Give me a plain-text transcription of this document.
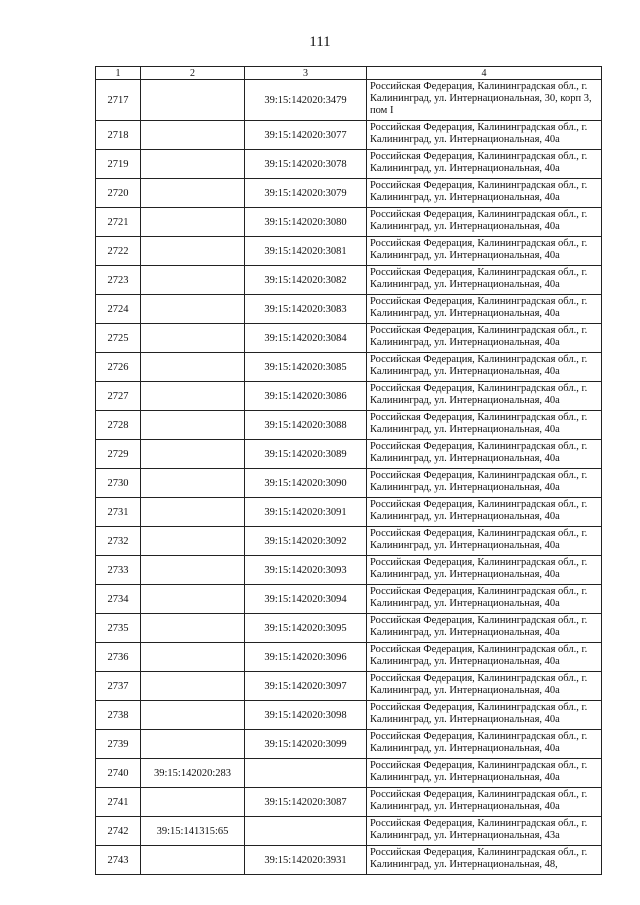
111
1	2	3	4
2717		39:15:142020:3479	Российская Федерация, Калининградская обл., г. Калининград, ул. Интернациональная, 30, корп 3, пом I
2718		39:15:142020:3077	Российская Федерация, Калининградская обл., г. Калининград, ул. Интернациональная, 40а
2719		39:15:142020:3078	Российская Федерация, Калининградская обл., г. Калининград, ул. Интернациональная, 40а
2720		39:15:142020:3079	Российская Федерация, Калининградская обл., г. Калининград, ул. Интернациональная, 40а
2721		39:15:142020:3080	Российская Федерация, Калининградская обл., г. Калининград, ул. Интернациональная, 40а
2722		39:15:142020:3081	Российская Федерация, Калининградская обл., г. Калининград, ул. Интернациональная, 40а
2723		39:15:142020:3082	Российская Федерация, Калининградская обл., г. Калининград, ул. Интернациональная, 40а
2724		39:15:142020:3083	Российская Федерация, Калининградская обл., г. Калининград, ул. Интернациональная, 40а
2725		39:15:142020:3084	Российская Федерация, Калининградская обл., г. Калининград, ул. Интернациональная, 40а
2726		39:15:142020:3085	Российская Федерация, Калининградская обл., г. Калининград, ул. Интернациональная, 40а
2727		39:15:142020:3086	Российская Федерация, Калининградская обл., г. Калининград, ул. Интернациональная, 40а
2728		39:15:142020:3088	Российская Федерация, Калининградская обл., г. Калининград, ул. Интернациональная, 40а
2729		39:15:142020:3089	Российская Федерация, Калининградская обл., г. Калининград, ул. Интернациональная, 40а
2730		39:15:142020:3090	Российская Федерация, Калининградская обл., г. Калининград, ул. Интернациональная, 40а
2731		39:15:142020:3091	Российская Федерация, Калининградская обл., г. Калининград, ул. Интернациональная, 40а
2732		39:15:142020:3092	Российская Федерация, Калининградская обл., г. Калининград, ул. Интернациональная, 40а
2733		39:15:142020:3093	Российская Федерация, Калининградская обл., г. Калининград, ул. Интернациональная, 40а
2734		39:15:142020:3094	Российская Федерация, Калининградская обл., г. Калининград, ул. Интернациональная, 40а
2735		39:15:142020:3095	Российская Федерация, Калининградская обл., г. Калининград, ул. Интернациональная, 40а
2736		39:15:142020:3096	Российская Федерация, Калининградская обл., г. Калининград, ул. Интернациональная, 40а
2737		39:15:142020:3097	Российская Федерация, Калининградская обл., г. Калининград, ул. Интернациональная, 40а
2738		39:15:142020:3098	Российская Федерация, Калининградская обл., г. Калининград, ул. Интернациональная, 40а
2739		39:15:142020:3099	Российская Федерация, Калининградская обл., г. Калининград, ул. Интернациональная, 40а
2740	39:15:142020:283		Российская Федерация, Калининградская обл., г. Калининград, ул. Интернациональная, 40а
2741		39:15:142020:3087	Российская Федерация, Калининградская обл., г. Калининград, ул. Интернациональная, 40а
2742	39:15:141315:65		Российская Федерация, Калининградская обл., г. Калининград, ул. Интернациональная, 43а
2743		39:15:142020:3931	Российская Федерация, Калининградская обл., г. Калининград, ул. Интернациональная, 48,
